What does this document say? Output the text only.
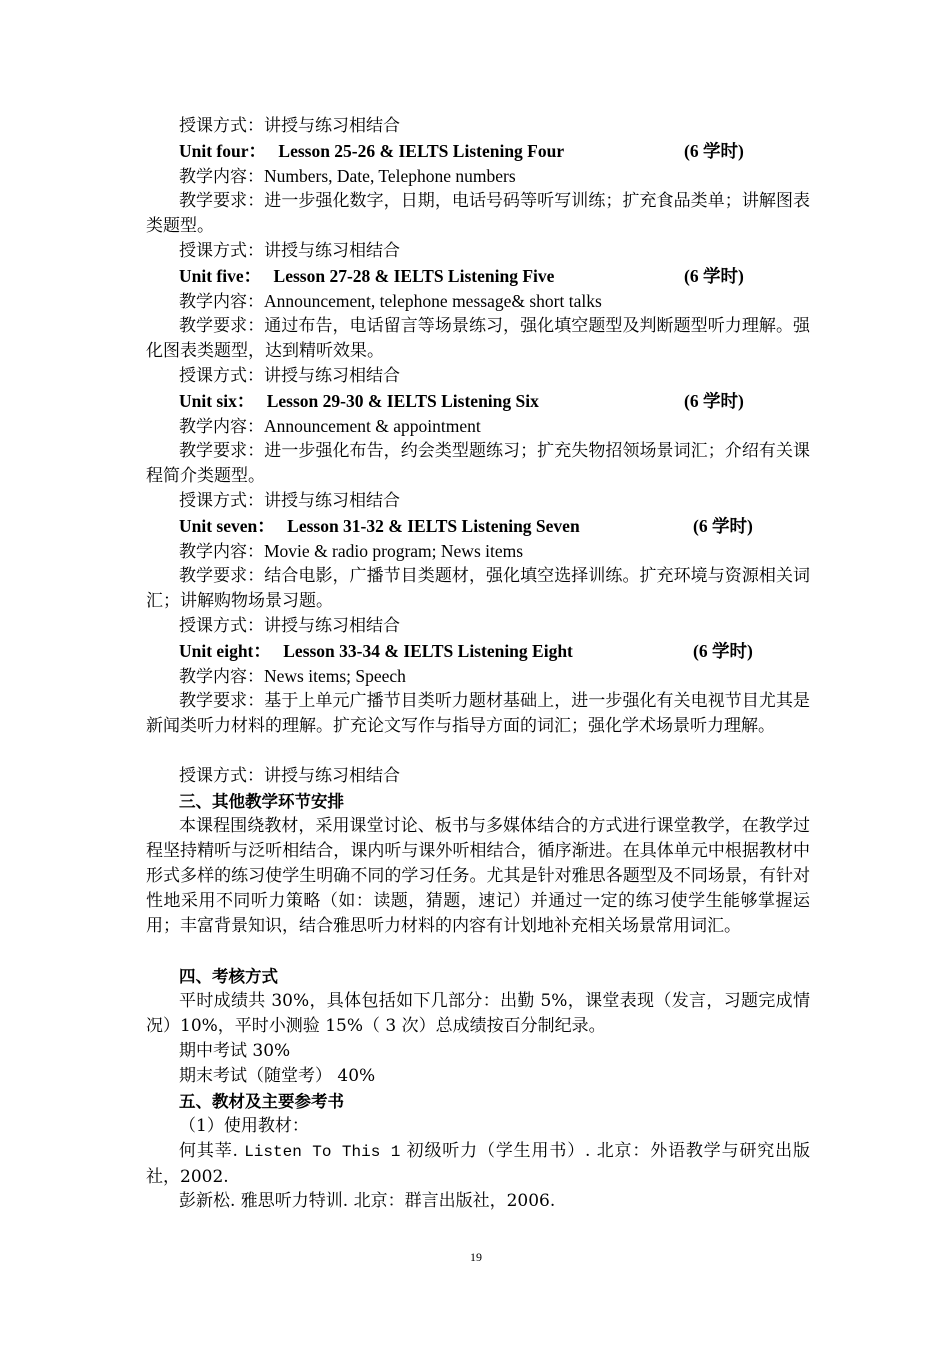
授课方式：讲授与练习相结合
Unit four： Lesson 25-26 & IELTS Listening Four	(6 学时)
教学内容：Numbers, Date, Telephone numbers
教学要求：进一步强化数字，日期，电话号码等听写训练；扩充食品类单；讲解图表类题型。
授课方式：讲授与练习相结合
Unit five： Lesson 27-28 & IELTS Listening Five	(6 学时)
教学内容：Announcement, telephone message& short talks
教学要求：通过布告，电话留言等场景练习，强化填空题型及判断题型听力理解。强化图表类题型，达到精听效果。
授课方式：讲授与练习相结合
Unit six： Lesson 29-30 & IELTS Listening Six	(6 学时)
教学内容：Announcement & appointment
教学要求：进一步强化布告，约会类型题练习；扩充失物招领场景词汇；介绍有关课程简介类题型。
授课方式：讲授与练习相结合
Unit seven： Lesson 31-32 & IELTS Listening Seven	(6 学时)
教学内容：Movie & radio program; News items
教学要求：结合电影，广播节目类题材，强化填空选择训练。扩充环境与资源相关词汇；讲解购物场景习题。
授课方式：讲授与练习相结合
Unit eight： Lesson 33-34 & IELTS Listening Eight	(6 学时)
教学内容：News items; Speech
教学要求：基于上单元广播节目类听力题材基础上，进一步强化有关电视节目尤其是新闻类听力材料的理解。扩充论文写作与指导方面的词汇；强化学术场景听力理解。
授课方式：讲授与练习相结合
三、其他教学环节安排
本课程围绕教材，采用课堂讨论、板书与多媒体结合的方式进行课堂教学，在教学过程坚持精听与泛听相结合，课内听与课外听相结合，循序渐进。在具体单元中根据教材中形式多样的练习使学生明确不同的学习任务。尤其是针对雅思各题型及不同场景，有针对性地采用不同听力策略（如：读题，猜题，速记）并通过一定的练习使学生能够掌握运用；丰富背景知识，结合雅思听力材料的内容有计划地补充相关场景常用词汇。
四、考核方式
平时成绩共 30%，具体包括如下几部分：出勤 5%，课堂表现（发言，习题完成情况）10%，平时小测验 15%（ 3 次）总成绩按百分制纪录。
期中考试 30%
期末考试（随堂考） 40%
五、教材及主要参考书
（1）使用教材：
何其莘. Listen To This 1 初级听力（学生用书）. 北京：外语教学与研究出版社，2002.
彭新松. 雅思听力特训. 北京：群言出版社，2006.
19
